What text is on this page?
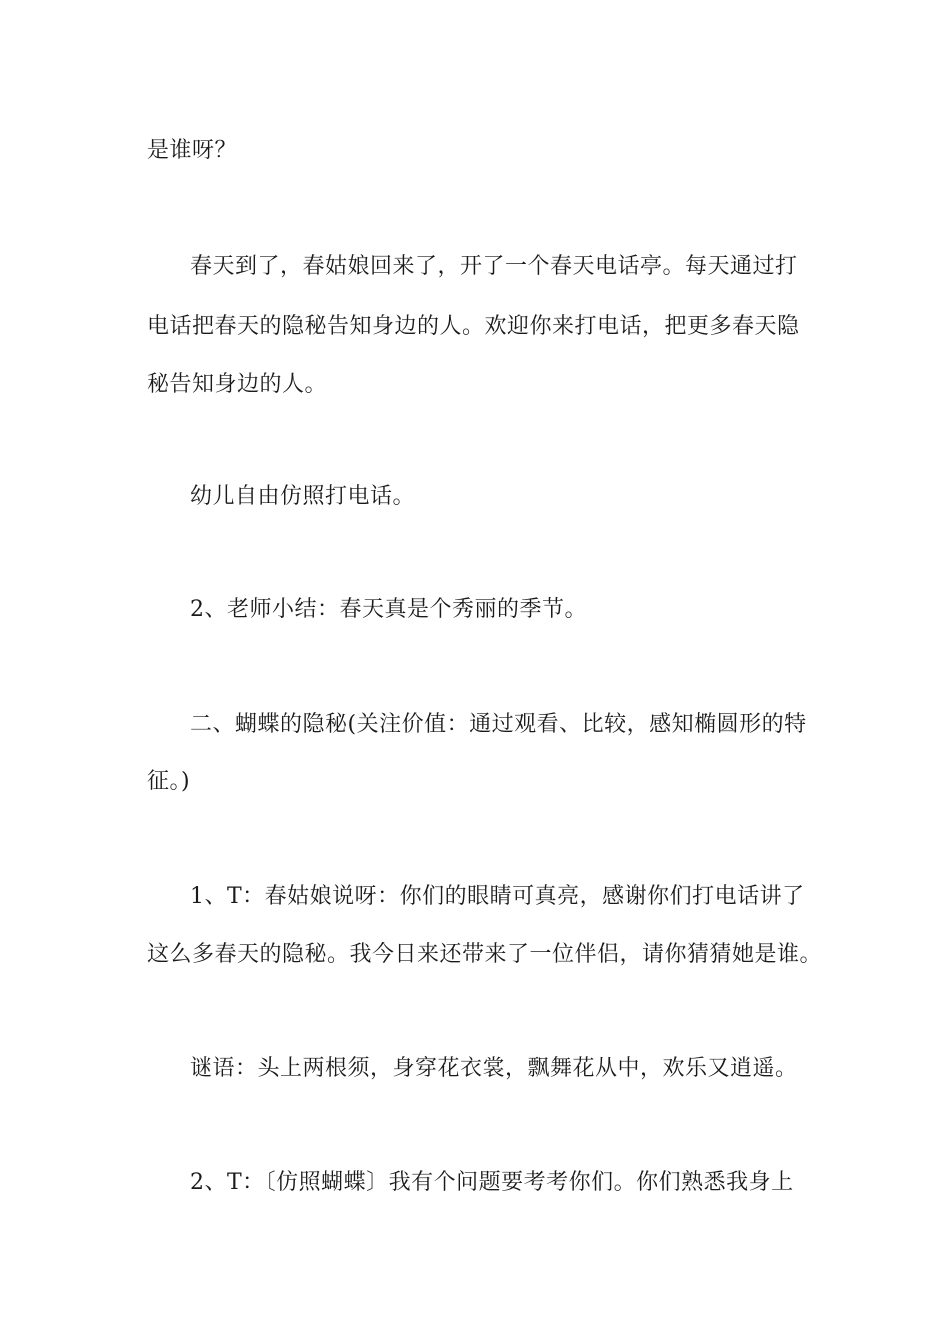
是谁呀？
春天到了，春姑娘回来了，开了一个春天电话亭。每天通过打
电话把春天的隐秘告知身边的人。欢迎你来打电话，把更多春天隐
秘告知身边的人。
幼儿自由仿照打电话。
2、老师小结：春天真是个秀丽的季节。
二、蝴蝶的隐秘(关注价值：通过观看、比较，感知椭圆形的特
征。)
1、T：春姑娘说呀：你们的眼睛可真亮，感谢你们打电话讲了
这么多春天的隐秘。我今日来还带来了一位伴侣，请你猜猜她是谁。
谜语：头上两根须，身穿花衣裳，飘舞花从中，欢乐又逍遥。
2、T：〔仿照蝴蝶〕我有个问题要考考你们。你们熟悉我身上
